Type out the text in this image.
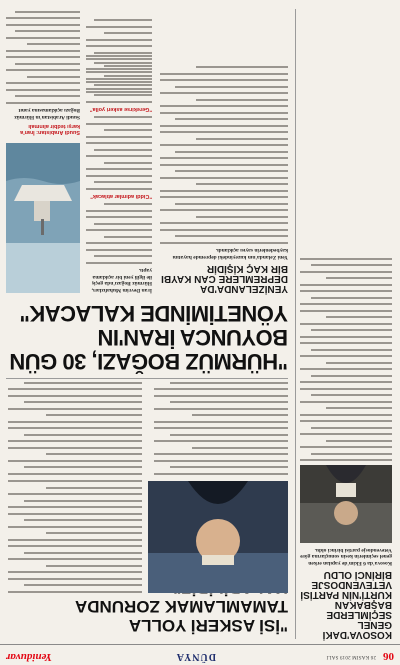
06
26 KASIM 2019 SALI
DÜNYA
Yeniduvar
KOSOVA'DAKİ GENEL SEÇİMLERDE BAŞBAKAN KURTİ'NİN PARTİSİ VETEVENDOSJE BİRİNCİ OLDU
Kosova'da 6 Ekim'de yapılan erken genel seçimlerin kesin sonuçlarına göre Vetevendosje partisi birinci oldu.
"İSİ ASKERİ YOLLA TAMAMLAMAK ZORUNDA
"HÜRMÜZ BOĞAZI, 30 GÜN BOYUNCA İRAN'IN YÖNETİMİNDE KALACAK"
YENİZELANDA'DA DEPREMLERE CAN KAYBI BİR KAÇ KİŞİDİR
Yeni Zelanda'nın kuzeyindeki depremde hayatını kaybedenlerin sayısı açıklandı.
İran Devrim Muhafızları, Hürmüz Boğazı'nda geçiş ile ilgili yeni bir açıklama yaptı.
"Ciddi adımlar atılacak"
"Gerekirse askeri yolla"
Suudi Arabistan: İran'a karşı tedbir alınmalı
Suudi Arabistan'ın Hürmüz Boğazı açıklamasına yanıt
